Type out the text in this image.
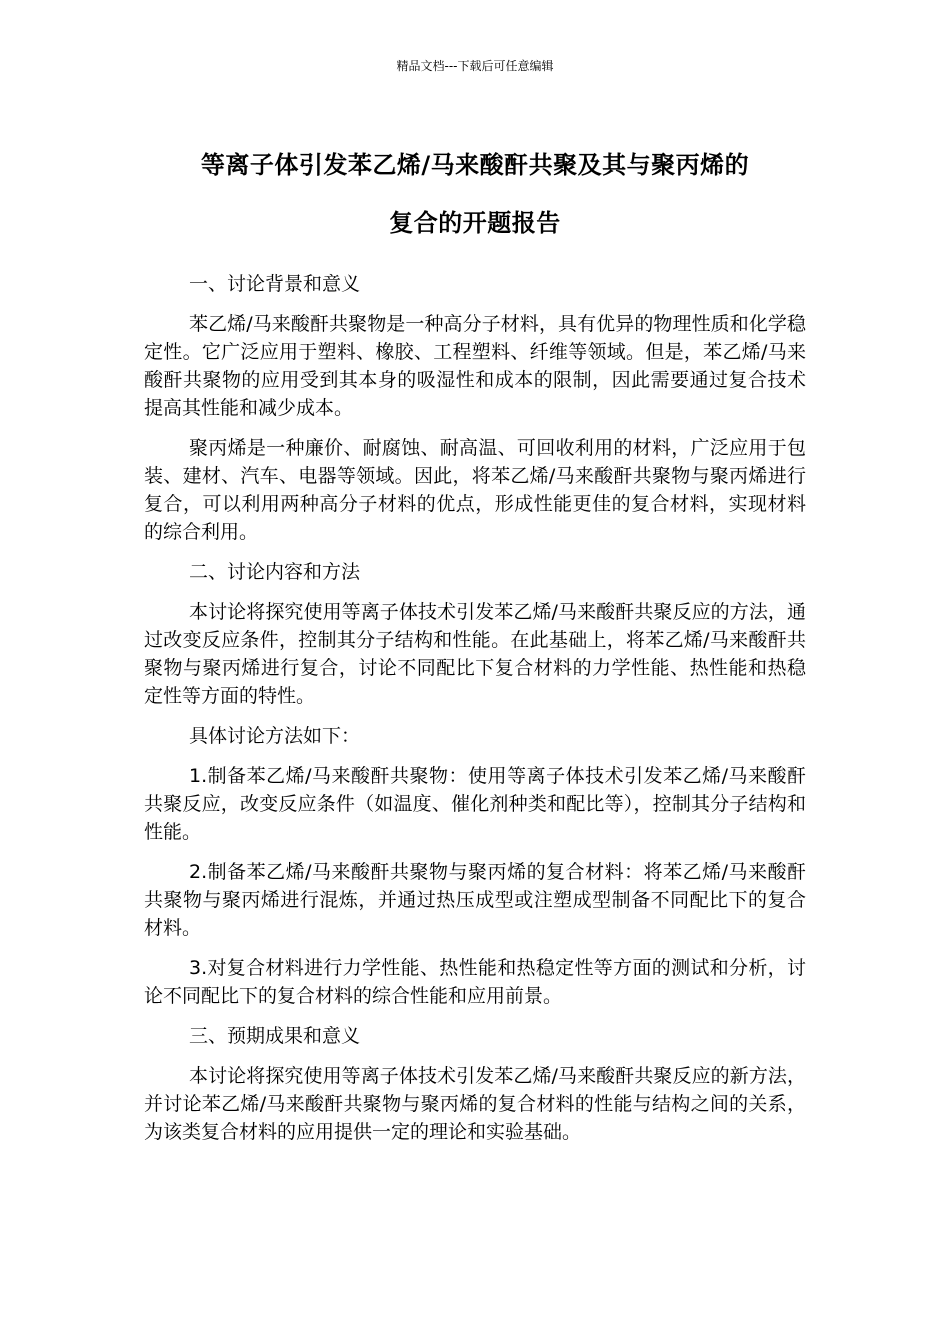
精品文档---下载后可任意编辑
等离子体引发苯乙烯/马来酸酐共聚及其与聚丙烯的
复合的开题报告

一、讨论背景和意义

苯乙烯/马来酸酐共聚物是一种高分子材料，具有优异的物理性质和化学稳定性。它广泛应用于塑料、橡胶、工程塑料、纤维等领域。但是，苯乙烯/马来酸酐共聚物的应用受到其本身的吸湿性和成本的限制，因此需要通过复合技术提高其性能和减少成本。

聚丙烯是一种廉价、耐腐蚀、耐高温、可回收利用的材料，广泛应用于包装、建材、汽车、电器等领域。因此，将苯乙烯/马来酸酐共聚物与聚丙烯进行复合，可以利用两种高分子材料的优点，形成性能更佳的复合材料，实现材料的综合利用。

二、讨论内容和方法

本讨论将探究使用等离子体技术引发苯乙烯/马来酸酐共聚反应的方法，通过改变反应条件，控制其分子结构和性能。在此基础上，将苯乙烯/马来酸酐共聚物与聚丙烯进行复合，讨论不同配比下复合材料的力学性能、热性能和热稳定性等方面的特性。

具体讨论方法如下：

1.制备苯乙烯/马来酸酐共聚物：使用等离子体技术引发苯乙烯/马来酸酐共聚反应，改变反应条件（如温度、催化剂种类和配比等），控制其分子结构和性能。

2.制备苯乙烯/马来酸酐共聚物与聚丙烯的复合材料：将苯乙烯/马来酸酐共聚物与聚丙烯进行混炼，并通过热压成型或注塑成型制备不同配比下的复合材料。

3.对复合材料进行力学性能、热性能和热稳定性等方面的测试和分析，讨论不同配比下的复合材料的综合性能和应用前景。

三、预期成果和意义

本讨论将探究使用等离子体技术引发苯乙烯/马来酸酐共聚反应的新方法，并讨论苯乙烯/马来酸酐共聚物与聚丙烯的复合材料的性能与结构之间的关系，为该类复合材料的应用提供一定的理论和实验基础。
